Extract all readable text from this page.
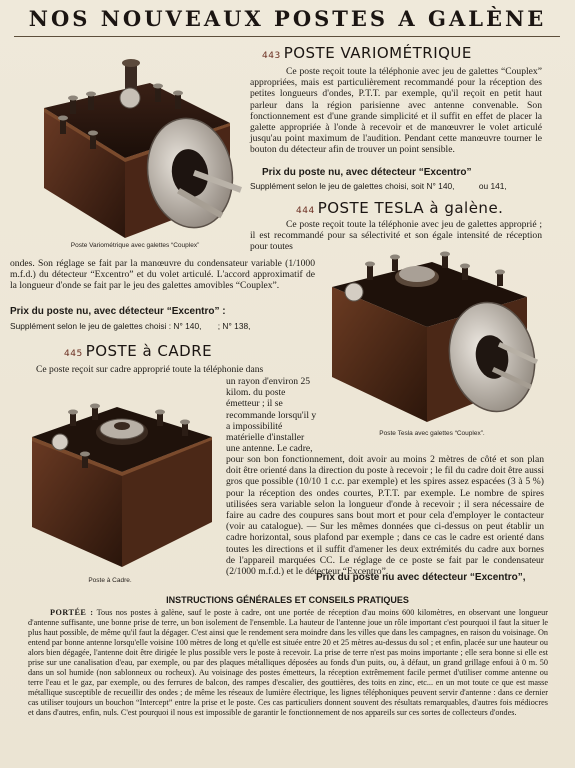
NOS NOUVEAUX POSTES A GALÈNE
Poste Variométrique avec galettes “Couplex”
443 POSTE VARIOMÉTRIQUE
Ce poste reçoit toute la téléphonie avec jeu de galettes “Couplex” appropriées, mais est particulièrement recommandé pour la réception des petites longueurs d'ondes, P.T.T. par exemple, qu'il reçoit en petit haut parleur dans la région parisienne avec antenne convenable. Son fonctionnement est d'une grande simplicité et il suffit en effet de placer la galette appropriée à l'onde à recevoir et de manœuvrer le volet articulé jusqu'au point maximum de l'audition. Pendant cette manœuvre tourner le bouton du détecteur afin de trouver un point sensible.
Prix du poste nu, avec détecteur “Excentro”
Supplément selon le jeu de galettes choisi, soit N° 140,	ou 141,
444 POSTE TESLA à galène.
Ce poste reçoit toute la téléphonie avec jeu de galettes approprié ; il est recommandé pour sa sélectivité et son égale intensité de réception pour toutes
ondes. Son réglage se fait par la manœuvre du condensateur variable (1/1000 m.f.d.) du détecteur “Excentro” et du volet articulé. L'accord approximatif de la longueur d'onde se fait par le jeu des galettes amovibles “Couplex”.
Prix du poste nu, avec détecteur “Excentro” :
Supplément selon le jeu de galettes choisi : N° 140, ; N° 138,
Poste Tesla avec galettes “Couplex”.
445 POSTE à CADRE
Ce poste reçoit sur cadre approprié toute la téléphonie dans
un rayon d'environ 25 kilom. du poste émetteur ; il se recommande lorsqu'il y a impossibilité matérielle d'installer une antenne. Le cadre,
Poste à Cadre.
pour son bon fonctionnement, doit avoir au moins 2 mètres de côté et son plan doit être orienté dans la direction du poste à recevoir ; le fil du cadre doit être aussi gros que possible (10/10 1 c.c. par exemple) et les spires assez espacées (3 à 5 %) pour la réception des ondes courtes, P.T.T. par exemple. Le nombre de spires utilisées sera variable selon la longueur d'onde à recevoir ; il sera nécessaire de faire au cadre des coupures sans bout mort et pour cela d'employer le contacteur (voir au catalogue). — Sur les mêmes données que ci-dessus on peut établir un cadre horizontal, sous plafond par exemple ; dans ce cas le cadre est orienté dans toutes les directions et il suffit d'amener les deux extrémités du cadre aux bornes de l'appareil marquées CC. Le réglage de ce poste se fait par le condensateur (2/1000 m.f.d.) et le détecteur “Excentro”.
Prix du poste nu avec détecteur “Excentro”,
INSTRUCTIONS GÉNÉRALES ET CONSEILS PRATIQUES
PORTÉE : Tous nos postes à galène, sauf le poste à cadre, ont une portée de réception d'au moins 600 kilomètres, en observant une longueur d'antenne suffisante, une bonne prise de terre, un bon isolement de l'ensemble. La hauteur de l'antenne joue un rôle important c'est pourquoi il faut la situer le plus haut possible, de même qu'il faut la dégager. C'est ainsi que le rendement sera moindre dans les villes que dans les campagnes, en raison du voisinage. On entend par bonne antenne lorsqu'elle voisine 100 mètres de long et qu'elle est située entre 20 et 25 mètres au-dessus du sol ; et enfin, placée sur une hauteur ou alors bien dégagée, l'antenne doit être dirigée le plus possible vers le poste à recevoir. La prise de terre n'est pas moins importante ; elle sera bonne si elle est prise sur une canalisation d'eau, par exemple, ou par des plaques métalliques déposées au fonds d'un puits, ou, à défaut, un grand grillage enfoui à 0 m. 50 dans un sol humide (non sablonneux ou rocheux). Au voisinage des postes émetteurs, la réception extrêmement facile permet d'utiliser comme antenne ou terre l'eau et le gaz, par exemple, ou des ferrures de balcon, des rampes d'escalier, des gouttières, des toits en zinc, etc... en un mot toute ce que est masse métallique susceptible de recueillir des ondes ; de même les réseaux de lumière électrique, les lignes téléphoniques peuvent servir d'antenne : dans ce dernier cas utiliser toujours un bouchon “Intercept” entre la prise et le poste. Ces cas particuliers donnent souvent des résultats remarquables, d'autres fois médiocres et dans d'autres, enfin, nuls. C'est pourquoi il nous est impossible de garantir le fonctionnement de nos appareils sur ces sortes de collecteurs d'ondes.
